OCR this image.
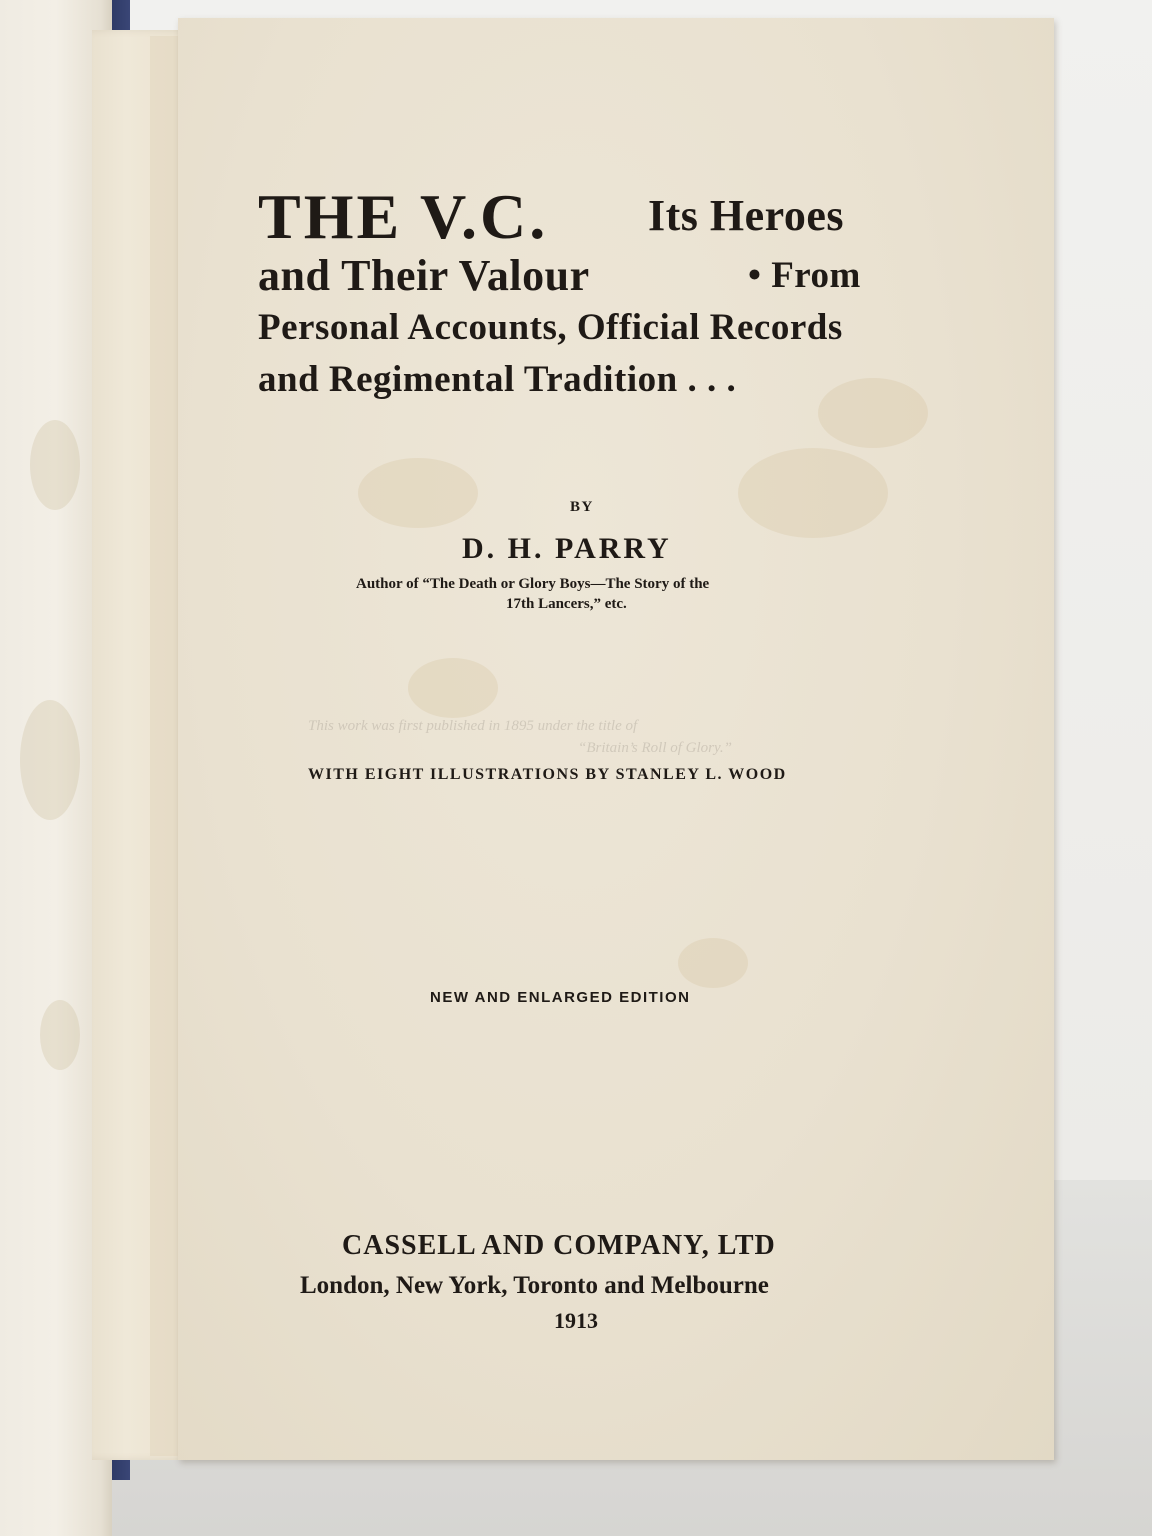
THE V.C. Its Heroes

and Their Valour	• From

Personal Accounts, Official Records

and Regimental Tradition . . .

BY

D. H. PARRY

Author of “The Death or Glory Boys—The Story of the

17th Lancers,” etc.

This work was first published in 1895 under the title of

“Britain’s Roll of Glory.”

WITH EIGHT ILLUSTRATIONS BY STANLEY L. WOOD

NEW AND ENLARGED EDITION

CASSELL AND COMPANY, LTD

London, New York, Toronto and Melbourne

1913
